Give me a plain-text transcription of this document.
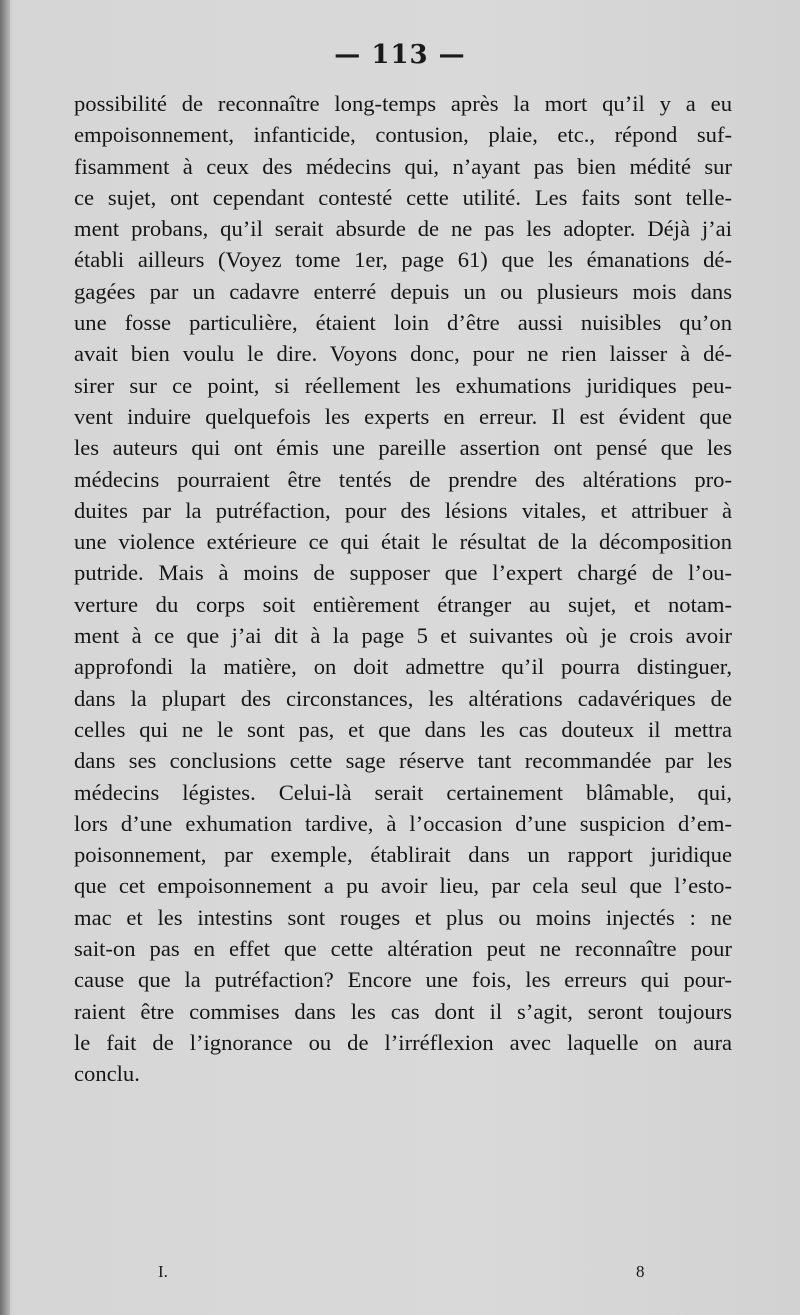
— 113 —
possibilité de reconnaître long-temps après la mort qu’il y a eu
empoisonnement, infanticide, contusion, plaie, etc., répond suf-
fisamment à ceux des médecins qui, n’ayant pas bien médité sur
ce sujet, ont cependant contesté cette utilité. Les faits sont telle-
ment probans, qu’il serait absurde de ne pas les adopter. Déjà j’ai
établi ailleurs (Voyez tome 1er, page 61) que les émanations dé-
gagées par un cadavre enterré depuis un ou plusieurs mois dans
une fosse particulière, étaient loin d’être aussi nuisibles qu’on
avait bien voulu le dire. Voyons donc, pour ne rien laisser à dé-
sirer sur ce point, si réellement les exhumations juridiques peu-
vent induire quelquefois les experts en erreur. Il est évident que
les auteurs qui ont émis une pareille assertion ont pensé que les
médecins pourraient être tentés de prendre des altérations pro-
duites par la putréfaction, pour des lésions vitales, et attribuer à
une violence extérieure ce qui était le résultat de la décomposition
putride. Mais à moins de supposer que l’expert chargé de l’ou-
verture du corps soit entièrement étranger au sujet, et notam-
ment à ce que j’ai dit à la page 5 et suivantes où je crois avoir
approfondi la matière, on doit admettre qu’il pourra distinguer,
dans la plupart des circonstances, les altérations cadavériques de
celles qui ne le sont pas, et que dans les cas douteux il mettra
dans ses conclusions cette sage réserve tant recommandée par les
médecins légistes. Celui-là serait certainement blâmable, qui,
lors d’une exhumation tardive, à l’occasion d’une suspicion d’em-
poisonnement, par exemple, établirait dans un rapport juridique
que cet empoisonnement a pu avoir lieu, par cela seul que l’esto-
mac et les intestins sont rouges et plus ou moins injectés : ne
sait-on pas en effet que cette altération peut ne reconnaître pour
cause que la putréfaction? Encore une fois, les erreurs qui pour-
raient être commises dans les cas dont il s’agit, seront toujours
le fait de l’ignorance ou de l’irréflexion avec laquelle on aura
conclu.
I.	8
